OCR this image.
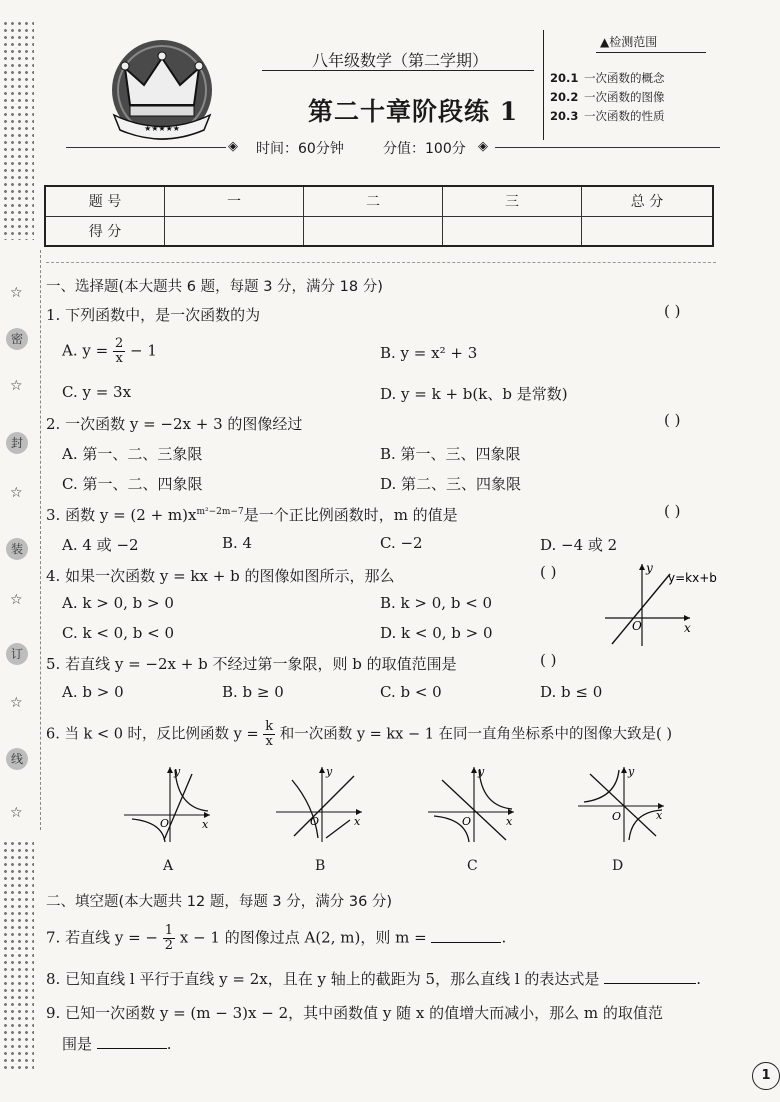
☆
密
☆
封
☆
装
☆
订
☆
线
☆
★★★★★
八年级数学（第二学期）
第二十章阶段练 1
▲检测范围
20.1 一次函数的概念
20.2 一次函数的图像
20.3 一次函数的性质
◈	◈
时间：60分钟	分值：100分
题 号	一	二	三	总 分
得 分				
一、选择题(本大题共 6 题，每题 3 分，满分 18 分)
1. 下列函数中，是一次函数的为	( )
A. $y = \frac{2}{x} - 1$	B. y = x² + 3
C. y = 3x	D. y = k + b(k、b 是常数)
2. 一次函数 y = −2x + 3 的图像经过	( )
A. 第一、二、三象限	B. 第一、三、四象限
C. 第一、二、四象限	D. 第二、三、四象限
3. 函数 $y = (2 + m)x^{m^2-2m-7}$是一个正比例函数时，m 的值是	( )
A. 4 或 −2	B. 4	C. −2	D. −4 或 2
4. 如果一次函数 y = kx + b 的图像如图所示，那么	( )
A. k > 0, b > 0	B. k > 0, b < 0
C. k < 0, b < 0	D. k < 0, b > 0	x
y
O
y=kx+b
5. 若直线 y = −2x + b 不经过第一象限，则 b 的取值范围是	( )
A. b > 0	B. b ≥ 0	C. b < 0	D. b ≤ 0
6. 当 k < 0 时，反比例函数 $y = \frac{k}{x}$ 和一次函数 y = kx − 1 在同一直角坐标系中的图像大致是( )
x
y
O
A
x
y
O
B
x
y
O
C
x
y
O
D
二、填空题(本大题共 12 题，每题 3 分，满分 36 分)
7. 若直线 y = − $\frac{1}{2}$ x − 1 的图像过点 A(2, m)，则 m =	.
8. 已知直线 l 平行于直线 y = 2x，且在 y 轴上的截距为 5，那么直线 l 的表达式是	.
9. 已知一次函数 y = (m − 3)x − 2，其中函数值 y 随 x 的值增大而减小，那么 m 的取值范
围是	.
1
